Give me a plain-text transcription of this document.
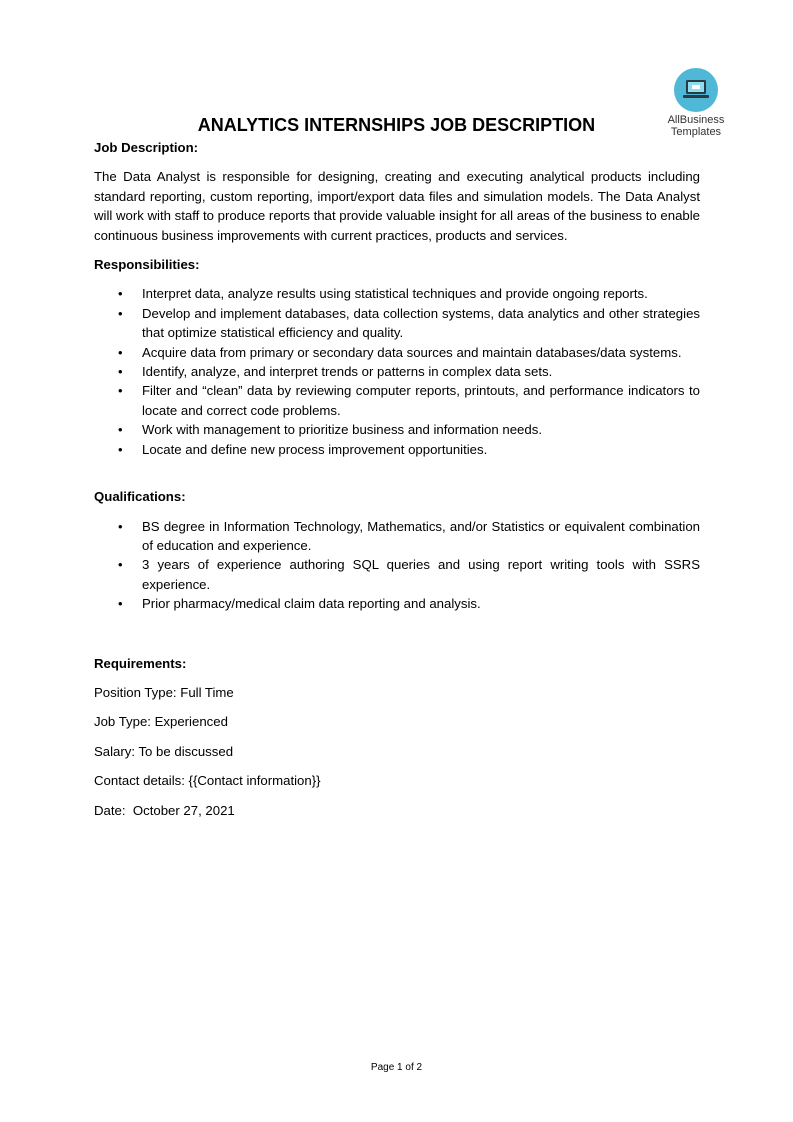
AllBusiness
Templates
ANALYTICS INTERNSHIPS JOB DESCRIPTION
Job Description:

The Data Analyst is responsible for designing, creating and executing analytical products including standard reporting, custom reporting, import/export data files and simulation models. The Data Analyst will work with staff to produce reports that provide valuable insight for all areas of the business to enable continuous business improvements with current practices, products and services.

Responsibilities:
• Interpret data, analyze results using statistical techniques and provide ongoing reports.
• Develop and implement databases, data collection systems, data analytics and other strategies that optimize statistical efficiency and quality.
• Acquire data from primary or secondary data sources and maintain databases/data systems.
• Identify, analyze, and interpret trends or patterns in complex data sets.
• Filter and “clean” data by reviewing computer reports, printouts, and performance indicators to locate and correct code problems.
• Work with management to prioritize business and information needs.
• Locate and define new process improvement opportunities.
Qualifications:
• BS degree in Information Technology, Mathematics, and/or Statistics or equivalent combination of education and experience.
• 3 years of experience authoring SQL queries and using report writing tools with SSRS experience.
• Prior pharmacy/medical claim data reporting and analysis.
Requirements:
Position Type: Full Time
Job Type: Experienced
Salary: To be discussed
Contact details: {{Contact information}}
Date:  October 27, 2021
Page 1 of 2
